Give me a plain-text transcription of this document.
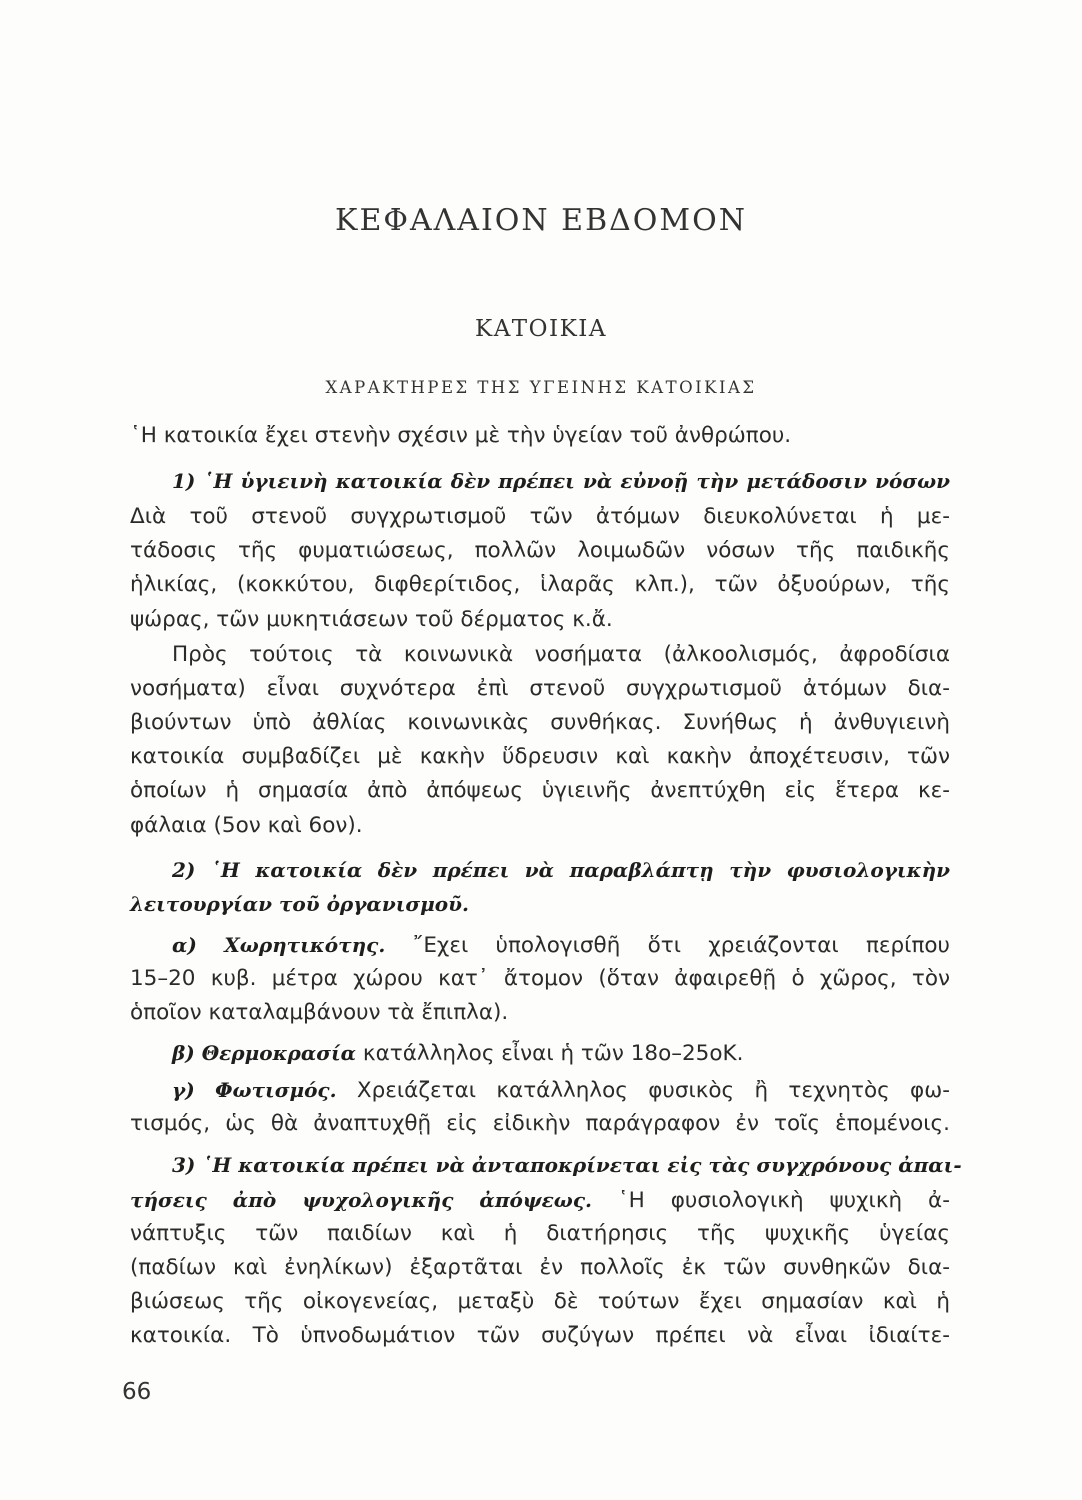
ΚΕΦΑΛΑΙΟΝ ΕΒΔΟΜΟΝ
ΚΑΤΟΙΚΙΑ
ΧΑΡΑΚΤΗΡΕΣ ΤΗΣ ΥΓΕΙΝΗΣ ΚΑΤΟΙΚΙΑΣ
῾Η κατοικία ἔχει στενὴν σχέσιν μὲ τὴν ὑγείαν τοῦ ἀνθρώπου.
1) ῾Η ὑγιεινὴ κατοικία δὲν πρέπει νὰ εὐνοῇ τὴν μετάδοσιν νόσων
Διὰ τοῦ στενοῦ συγχρωτισμοῦ τῶν ἀτόμων διευκολύνεται ἡ με-
τάδοσις τῆς φυματιώσεως, πολλῶν λοιμωδῶν νόσων τῆς παιδικῆς
ἡλικίας, (κοκκύτου, διφθερίτιδος, ἱλαρᾶς κλπ.), τῶν ὀξυούρων, τῆς
ψώρας, τῶν μυκητιάσεων τοῦ δέρματος κ.ἄ.
Πρὸς τούτοις τὰ κοινωνικὰ νοσήματα (ἀλκοολισμός, ἀφροδίσια
νοσήματα) εἶναι συχνότερα ἐπὶ στενοῦ συγχρωτισμοῦ ἀτόμων δια-
βιούντων ὑπὸ ἀθλίας κοινωνικὰς συνθήκας. Συνήθως ἡ ἀνθυγιεινὴ
κατοικία συμβαδίζει μὲ κακὴν ὕδρευσιν καὶ κακὴν ἀποχέτευσιν, τῶν
ὁποίων ἡ σημασία ἀπὸ ἀπόψεως ὑγιεινῆς ἀνεπτύχθη εἰς ἕτερα κε-
φάλαια (5ον καὶ 6ον).
2) ῾Η κατοικία δὲν πρέπει νὰ παραβλάπτῃ τὴν φυσιολογικὴν
λειτουργίαν τοῦ ὀργανισμοῦ.
α) Χωρητικότης. ῎Εχει ὑπολογισθῆ ὅτι χρειάζονται περίπου
15–20 κυβ. μέτρα χώρου κατ᾽ ἄτομον (ὅταν ἀφαιρεθῇ ὁ χῶρος, τὸν
ὁποῖον καταλαμβάνουν τὰ ἔπιπλα).
β) Θερμοκρασία κατάλληλος εἶναι ἡ τῶν 18ο–25οΚ.
γ) Φωτισμός. Χρειάζεται κατάλληλος φυσικὸς ἢ τεχνητὸς φω-
τισμός, ὡς θὰ ἀναπτυχθῇ εἰς εἰδικὴν παράγραφον ἐν τοῖς ἑπομένοις.
3) ῾Η κατοικία πρέπει νὰ ἀνταποκρίνεται εἰς τὰς συγχρόνους ἀπαι-
τήσεις ἀπὸ ψυχολογικῆς ἀπόψεως. ῾Η φυσιολογικὴ ψυχικὴ ἀ-
νάπτυξις τῶν παιδίων καὶ ἡ διατήρησις τῆς ψυχικῆς ὑγείας
(παδίων καὶ ἐνηλίκων) ἐξαρτᾶται ἐν πολλοῖς ἐκ τῶν συνθηκῶν δια-
βιώσεως τῆς οἰκογενείας, μεταξὺ δὲ τούτων ἔχει σημασίαν καὶ ἡ
κατοικία. Τὸ ὑπνοδωμάτιον τῶν συζύγων πρέπει νὰ εἶναι ἰδιαίτε-
66
